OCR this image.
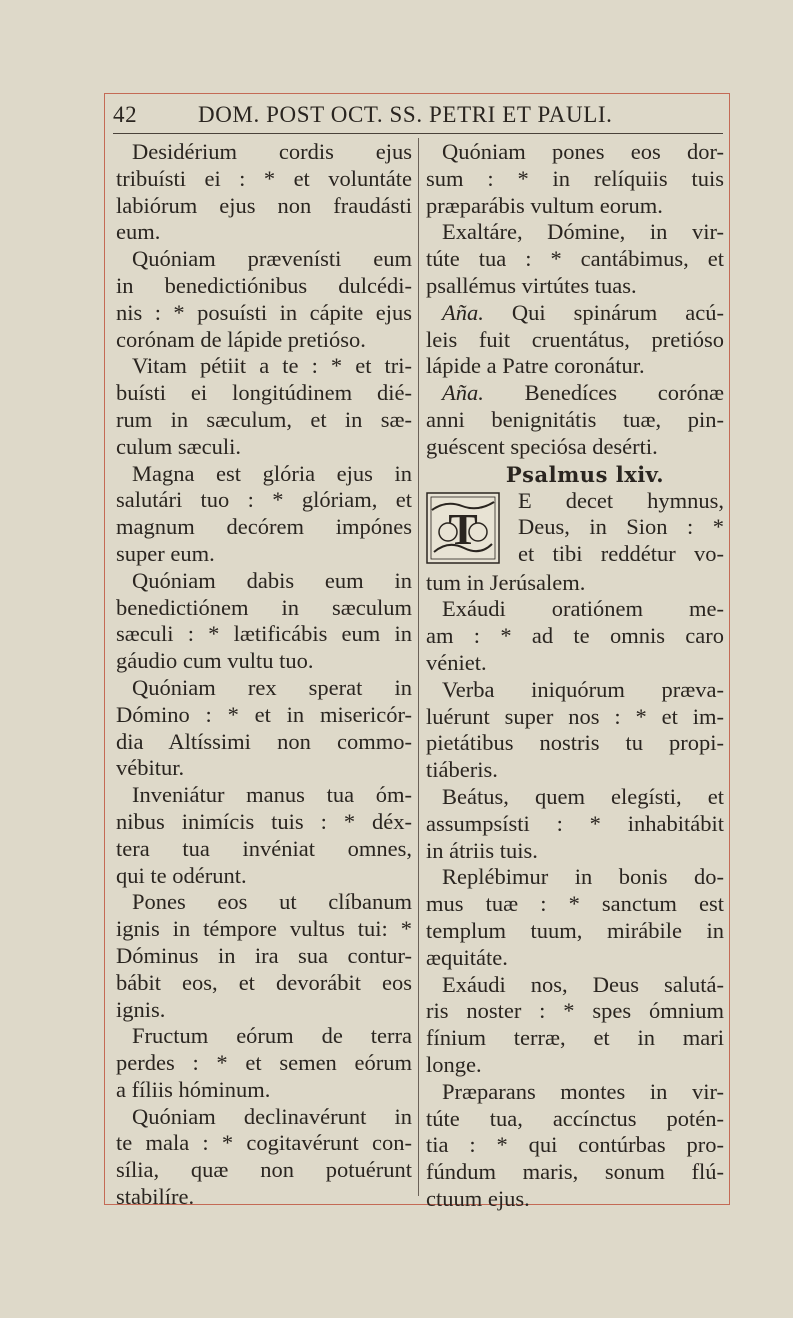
42	DOM. POST OCT. SS. PETRI ET PAULI.

Desidérium cordis ejus
tribuísti ei : * et voluntáte
labiórum ejus non fraudásti
eum.

Quóniam prævenísti eum
in benedictiónibus dulcédi-
nis : * posuísti in cápite ejus
corónam de lápide pretióso.

Vitam pétiit a te : * et tri-
buísti ei longitúdinem dié-
rum in sæculum, et in sæ-
culum sæculi.

Magna est glória ejus in
salutári tuo : * glóriam, et
magnum decórem impónes
super eum.

Quóniam dabis eum in
benedictiónem in sæculum
sæculi : * lætificábis eum in
gáudio cum vultu tuo.

Quóniam rex sperat in
Dómino : * et in misericór-
dia Altíssimi non commo-
vébitur.

Inveniátur manus tua óm-
nibus inimícis tuis : * déx-
tera tua invéniat omnes,
qui te odérunt.

Pones eos ut clíbanum
ignis in témpore vultus tui: *
Dóminus in ira sua contur-
bábit eos, et devorábit eos
ignis.

Fructum eórum de terra
perdes : * et semen eórum
a fíliis hóminum.

Quóniam declinavérunt in
te mala : * cogitavérunt con-
sília, quæ non potuérunt
stabilíre.

Quóniam pones eos dor-
sum : * in relíquiis tuis
præparábis vultum eorum.

Exaltáre, Dómine, in vir-
túte tua : * cantábimus, et
psallémus virtútes tuas.

Aña. Qui spinárum acú-
leis fuit cruentátus, pretióso
lápide a Patre coronátur.

Aña. Benedíces corónæ
anni benignitátis tuæ, pin-
guéscent speciósa desérti.

Psalmus lxiv.
T
E decet hymnus,
Deus, in Sion : *
et tibi reddétur vo-

tum in Jerúsalem.

Exáudi oratiónem me-
am : * ad te omnis caro
véniet.

Verba iniquórum præva-
luérunt super nos : * et im-
pietátibus nostris tu propi-
tiáberis.

Beátus, quem elegísti, et
assumpsísti : * inhabitábit
in átriis tuis.

Replébimur in bonis do-
mus tuæ : * sanctum est
templum tuum, mirábile in
æquitáte.

Exáudi nos, Deus salutá-
ris noster : * spes ómnium
fínium terræ, et in mari
longe.

Præparans montes in vir-
túte tua, accínctus potén-
tia : * qui contúrbas pro-
fúndum maris, sonum flú-
ctuum ejus.
